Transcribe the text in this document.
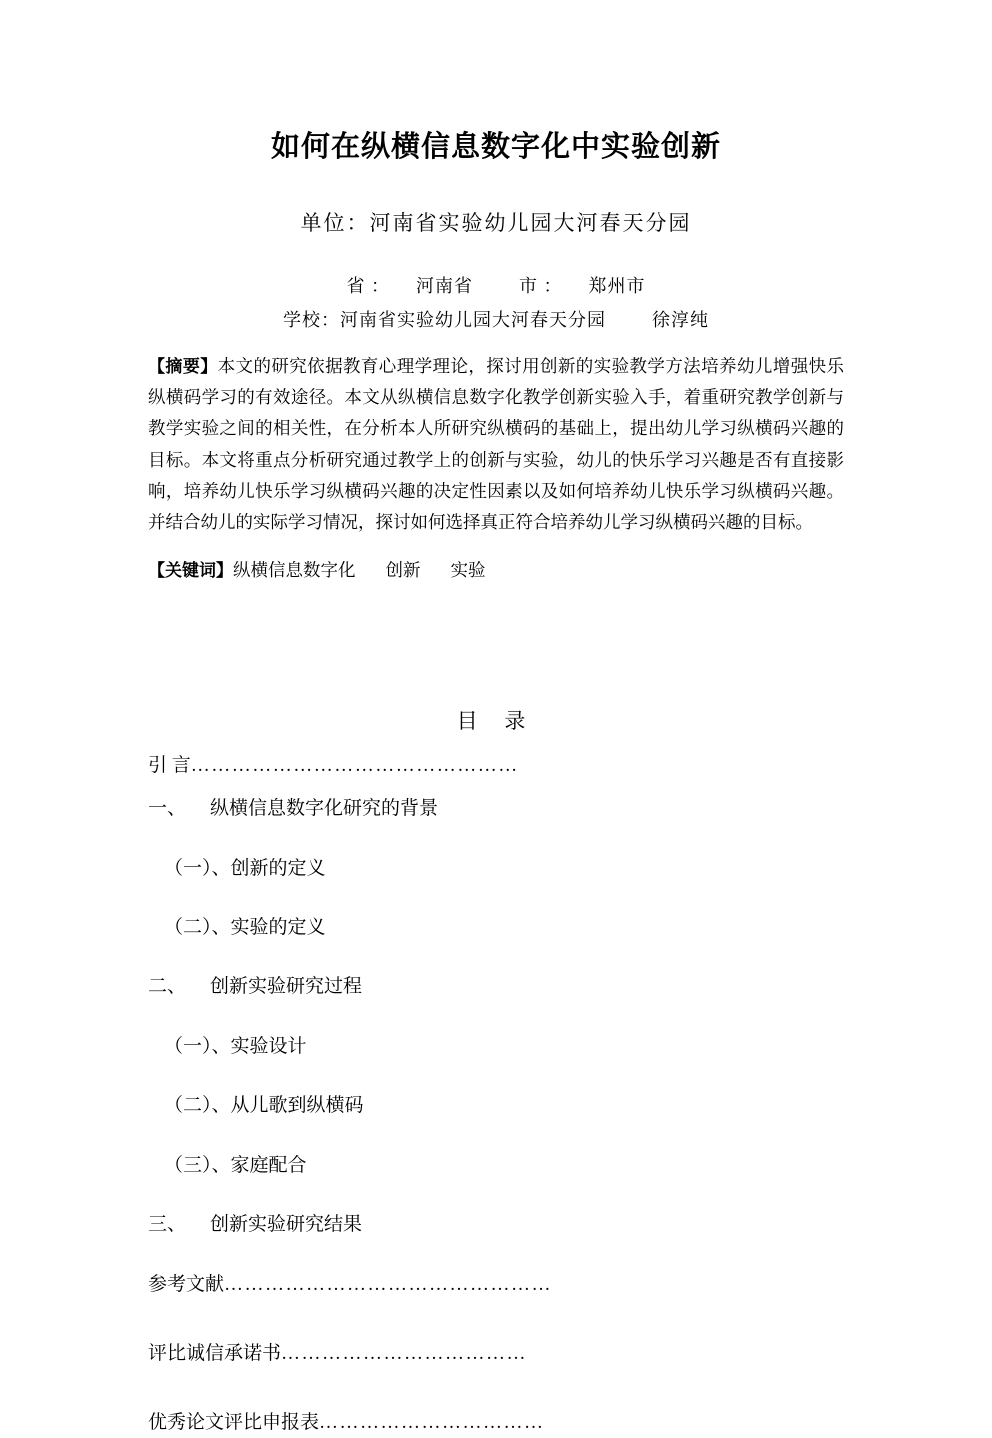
如何在纵横信息数字化中实验创新
单位：河南省实验幼儿园大河春天分园
省 ： 河南省	市 ： 郑州市
学校：河南省实验幼儿园大河春天分园	徐淳纯

【摘要】本文的研究依据教育心理学理论，探讨用创新的实验教学方法培养幼儿增强快乐纵横码学习的有效途径。本文从纵横信息数字化教学创新实验入手，着重研究教学创新与教学实验之间的相关性，在分析本人所研究纵横码的基础上，提出幼儿学习纵横码兴趣的目标。本文将重点分析研究通过教学上的创新与实验，幼儿的快乐学习兴趣是否有直接影响，培养幼儿快乐学习纵横码兴趣的决定性因素以及如何培养幼儿快乐学习纵横码兴趣。并结合幼儿的实际学习情况，探讨如何选择真正符合培养幼儿学习纵横码兴趣的目标。

【关键词】纵横信息数字化 创新 实验

目 录
引 言…………………………………………
一、 纵横信息数字化研究的背景
（一）、创新的定义
（二）、实验的定义
二、 创新实验研究过程
（一）、实验设计
（二）、从儿歌到纵横码
（三）、家庭配合
三、 创新实验研究结果
参考文献…………………………………………
评比诚信承诺书………………………………
优秀论文评比申报表……………………………
